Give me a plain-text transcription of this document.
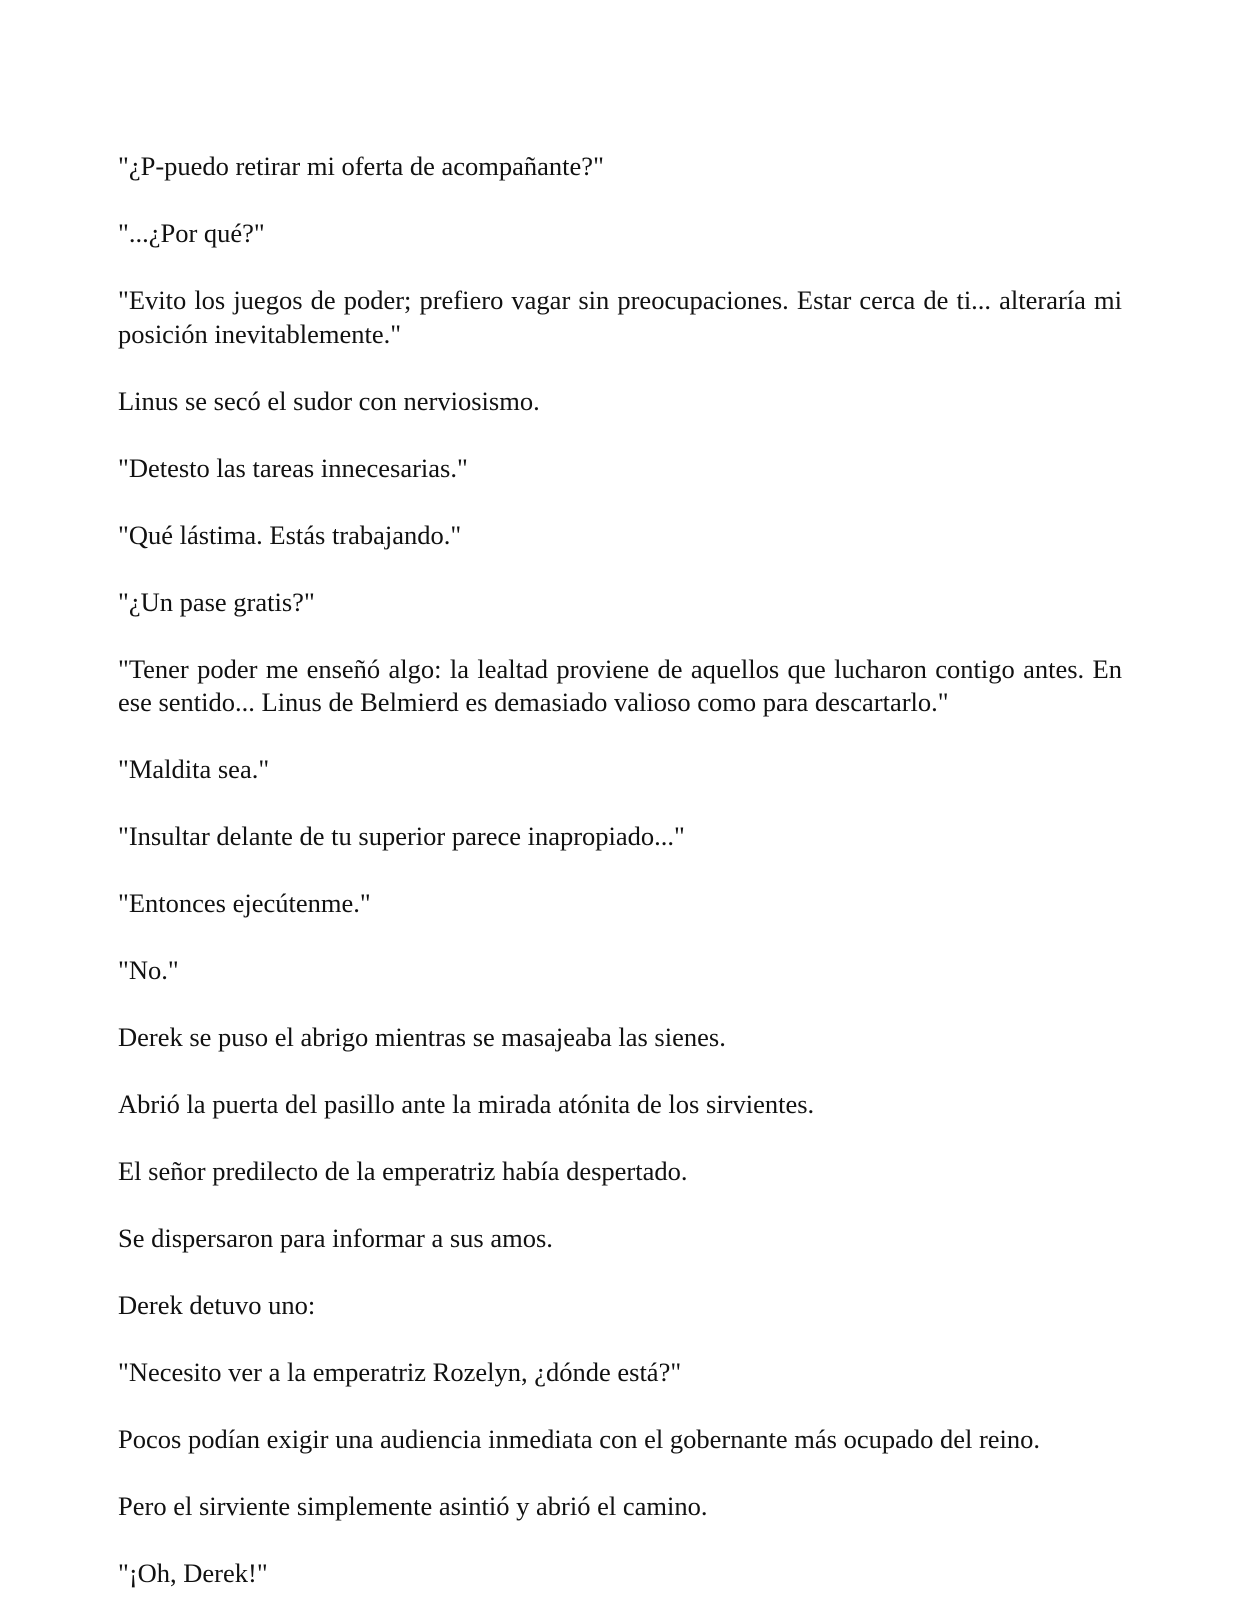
"¿P-puedo retirar mi oferta de acompañante?"

"...¿Por qué?"

"Evito los juegos de poder; prefiero vagar sin preocupaciones. Estar cerca de ti... alteraría mi posición inevitablemente."

Linus se secó el sudor con nerviosismo.

"Detesto las tareas innecesarias."

"Qué lástima. Estás trabajando."

"¿Un pase gratis?"

"Tener poder me enseñó algo: la lealtad proviene de aquellos que lucharon contigo antes. En ese sentido... Linus de Belmierd es demasiado valioso como para descartarlo."

"Maldita sea."

"Insultar delante de tu superior parece inapropiado..."

"Entonces ejecútenme."

"No."

Derek se puso el abrigo mientras se masajeaba las sienes.

Abrió la puerta del pasillo ante la mirada atónita de los sirvientes.

El señor predilecto de la emperatriz había despertado.

Se dispersaron para informar a sus amos.

Derek detuvo uno:

"Necesito ver a la emperatriz Rozelyn, ¿dónde está?"

Pocos podían exigir una audiencia inmediata con el gobernante más ocupado del reino.

Pero el sirviente simplemente asintió y abrió el camino.

"¡Oh, Derek!"
